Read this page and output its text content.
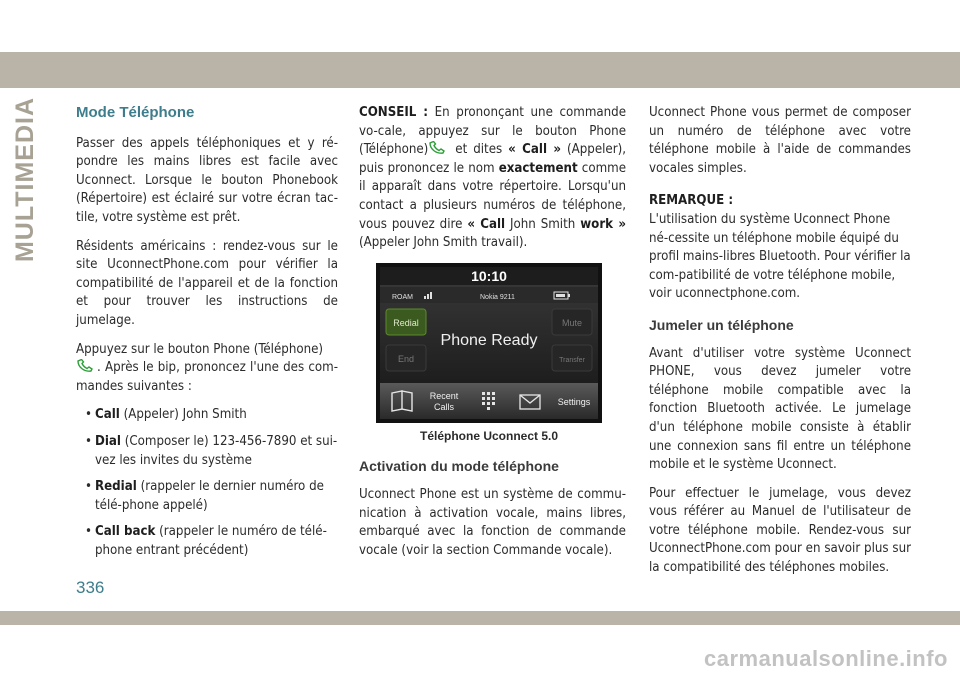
MULTIMEDIA Mode Téléphone

Passer des appels téléphoniques et y ré-pondre les mains libres est facile avec Uconnect. Lorsque le bouton Phonebook (Répertoire) est éclairé sur votre écran tac-tile, votre système est prêt.

Résidents américains : rendez-vous sur le site UconnectPhone.com pour vérifier la compatibilité de l'appareil et de la fonction et pour trouver les instructions de jumelage.

Appuyez sur le bouton Phone (Téléphone)
. Après le bip, prononcez l'une des com-mandes suivantes :

• Call (Appeler) John Smith
• Dial (Composer le) 123-456-7890 et sui-vez les invites du système
• Redial (rappeler le dernier numéro de télé-phone appelé)
• Call back (rappeler le numéro de télé-phone entrant précédent)

CONSEIL : En prononçant une commande vo-cale, appuyez sur le bouton Phone (Téléphone) et dites « Call » (Appeler), puis prononcez le nom exactement comme il apparaît dans votre répertoire. Lorsqu'un contact a plusieurs numéros de téléphone, vous pouvez dire « Call John Smith work » (Appeler John Smith travail).

10:10
ROAM	Nokia 9211
Redial
End
Phone Ready
Mute
Transfer
Recent
Calls	Settings
Téléphone Uconnect 5.0
Activation du mode téléphone

Uconnect Phone est un système de commu-nication à activation vocale, mains libres, embarqué avec la fonction de commande vocale (voir la section Commande vocale).

Uconnect Phone vous permet de composer un numéro de téléphone avec votre téléphone mobile à l'aide de commandes vocales simples.

REMARQUE :
L'utilisation du système Uconnect Phone né-cessite un téléphone mobile équipé du profil mains-libres Bluetooth. Pour vérifier la com-patibilité de votre téléphone mobile, voir uconnectphone.com.

Jumeler un téléphone

Avant d'utiliser votre système Uconnect PHONE, vous devez jumeler votre téléphone mobile compatible avec la fonction Bluetooth activée. Le jumelage d'un téléphone mobile consiste à établir une connexion sans fil entre un téléphone mobile et le système Uconnect.

Pour effectuer le jumelage, vous devez vous référer au Manuel de l'utilisateur de votre téléphone mobile. Rendez-vous sur UconnectPhone.com pour en savoir plus sur la compatibilité des téléphones mobiles.

336
carmanualsonline.info
